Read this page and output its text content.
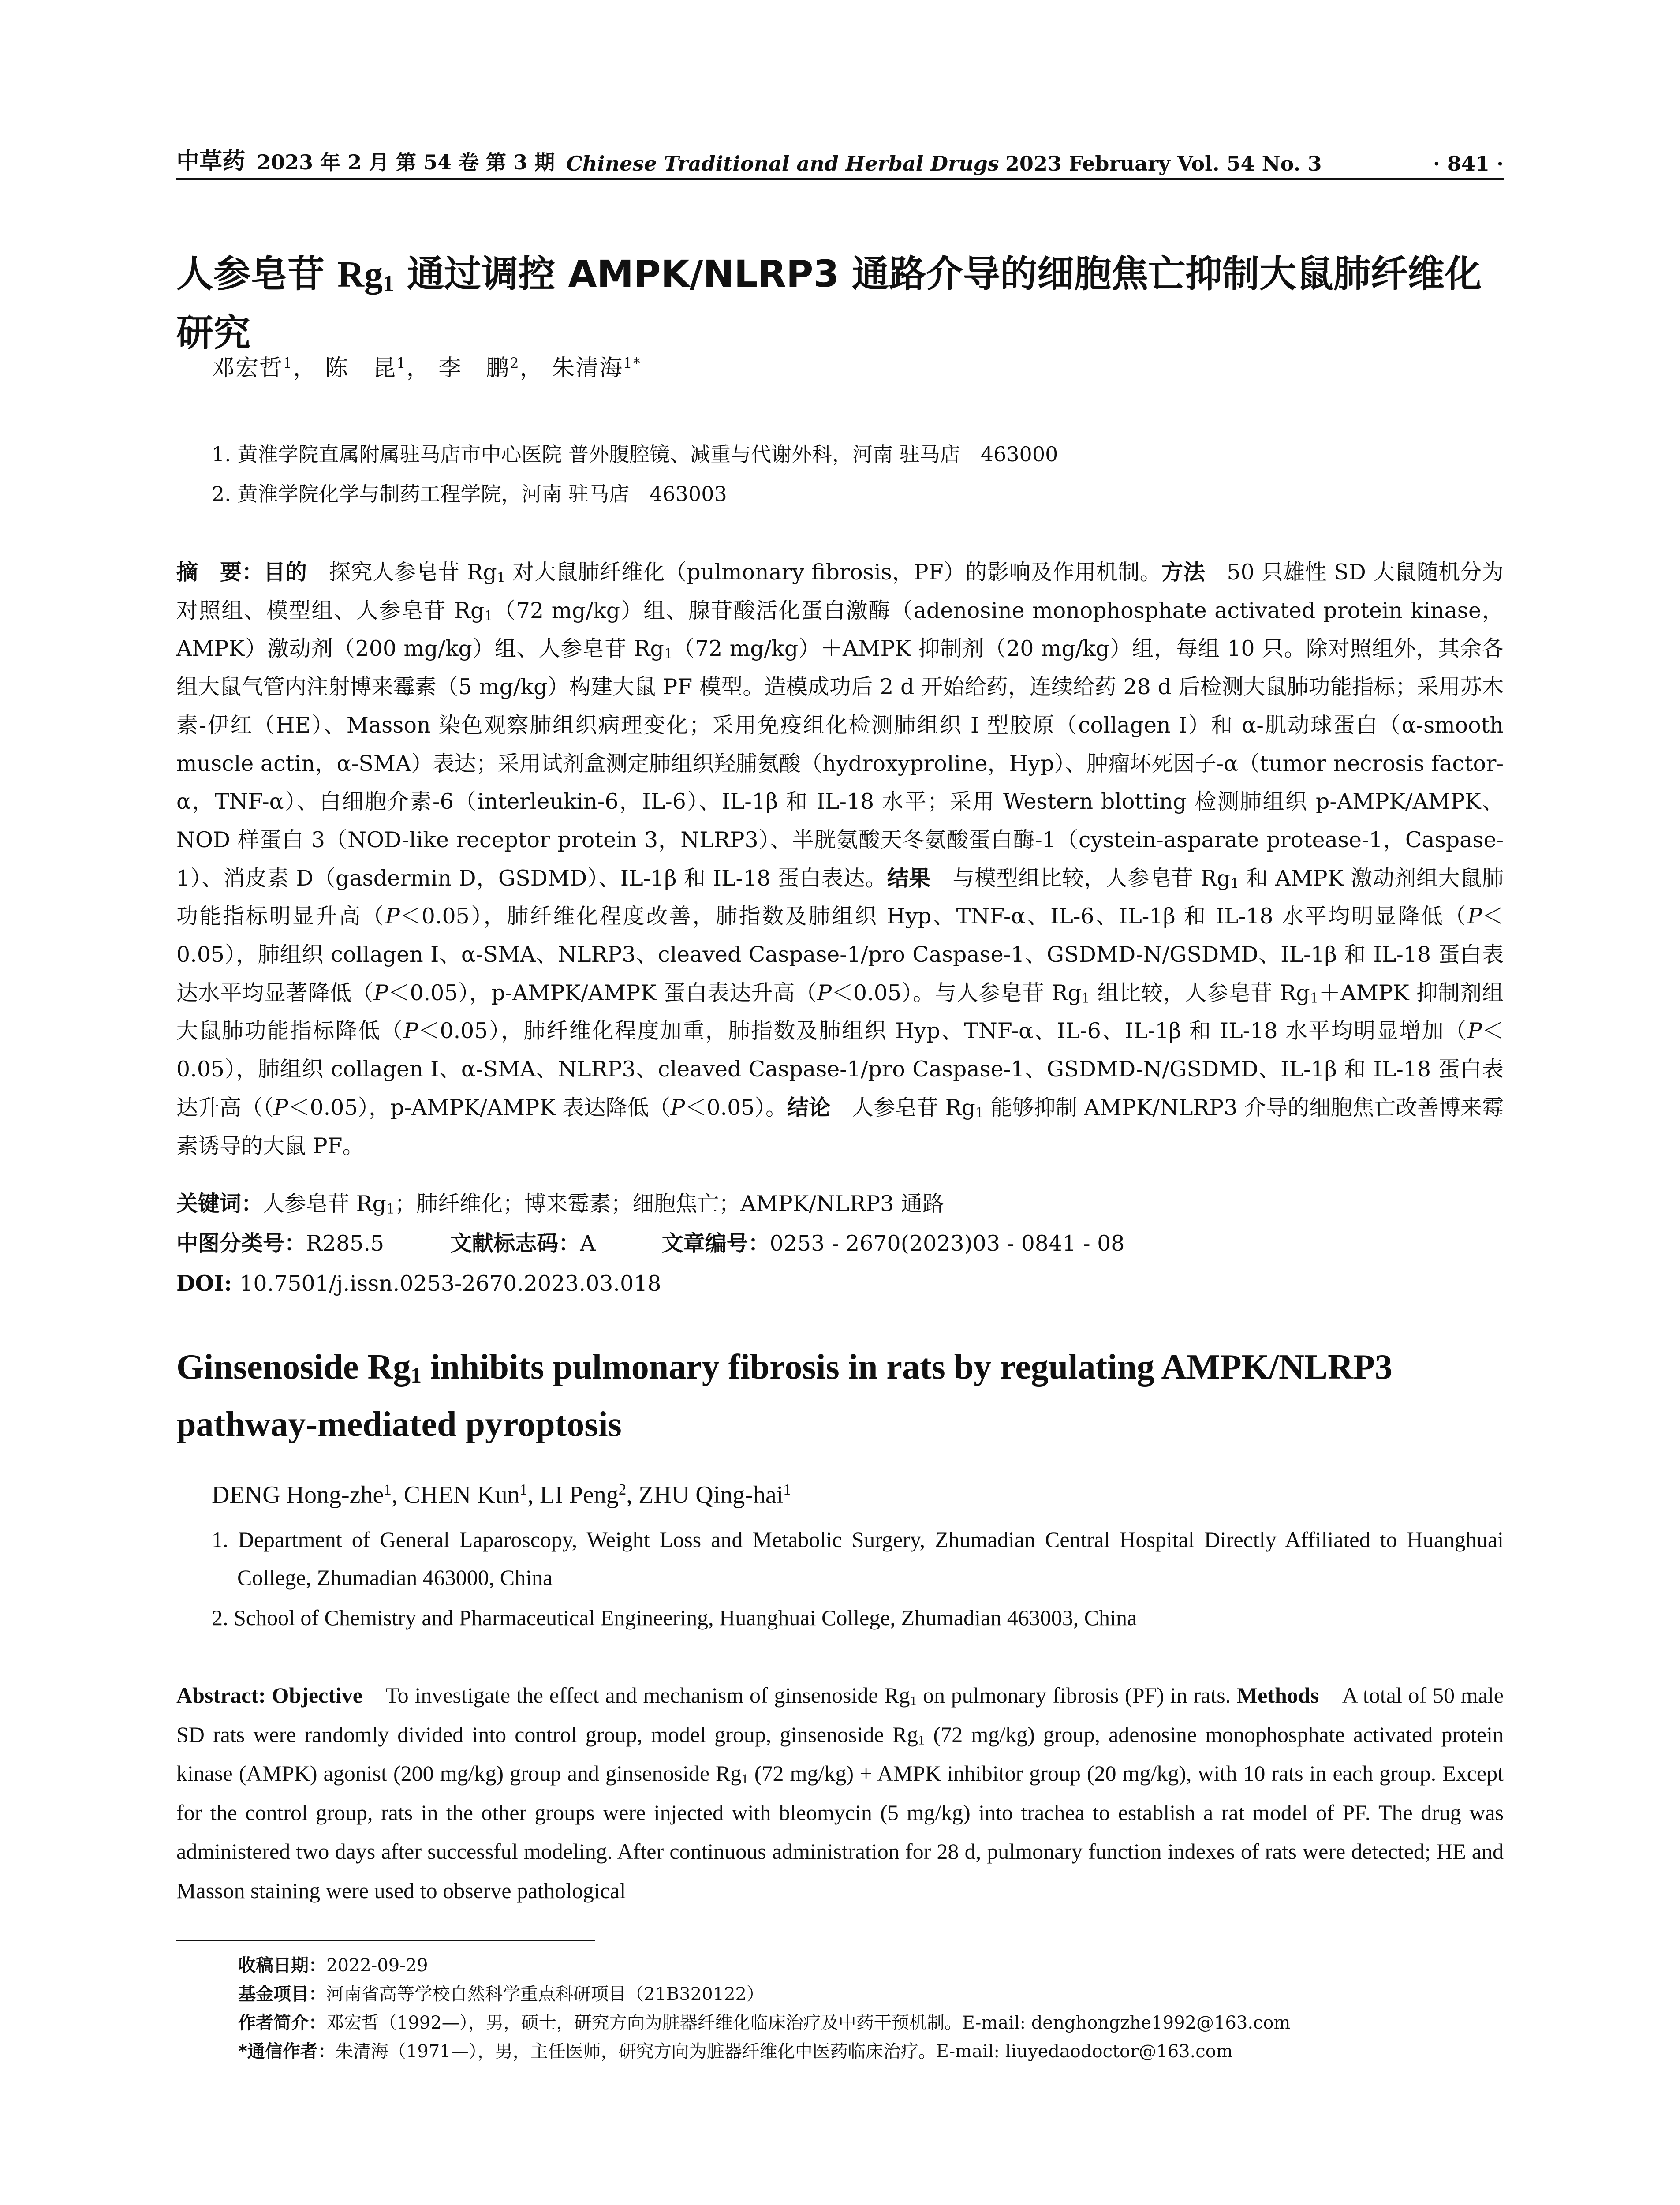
中草药 2023 年 2 月 第 54 卷 第 3 期 Chinese Traditional and Herbal Drugs 2023 February Vol. 54 No. 3	· 841 ·
人参皂苷 Rg1 通过调控 AMPK/NLRP3 通路介导的细胞焦亡抑制大鼠肺纤维化研究
邓宏哲$^1$， 陈　昆$^1$， 李　鹏$^2$， 朱清海$^{1*}$
1. 黄淮学院直属附属驻马店市中心医院 普外腹腔镜、减重与代谢外科，河南 驻马店　463000
2. 黄淮学院化学与制药工程学院，河南 驻马店　463003
摘　要：目的　探究人参皂苷 Rg1 对大鼠肺纤维化（pulmonary fibrosis，PF）的影响及作用机制。方法　50 只雄性 SD 大鼠随机分为对照组、模型组、人参皂苷 Rg1（72 mg/kg）组、腺苷酸活化蛋白激酶（adenosine monophosphate activated protein kinase，AMPK）激动剂（200 mg/kg）组、人参皂苷 Rg1（72 mg/kg）＋AMPK 抑制剂（20 mg/kg）组，每组 10 只。除对照组外，其余各组大鼠气管内注射博来霉素（5 mg/kg）构建大鼠 PF 模型。造模成功后 2 d 开始给药，连续给药 28 d 后检测大鼠肺功能指标；采用苏木素-伊红（HE）、Masson 染色观察肺组织病理变化；采用免疫组化检测肺组织 I 型胶原（collagen I）和 α-肌动球蛋白（α-smooth muscle actin，α-SMA）表达；采用试剂盒测定肺组织羟脯氨酸（hydroxyproline，Hyp）、肿瘤坏死因子-α（tumor necrosis factor-α，TNF-α）、白细胞介素-6（interleukin-6，IL-6）、IL-1β 和 IL-18 水平；采用 Western blotting 检测肺组织 p-AMPK/AMPK、NOD 样蛋白 3（NOD-like receptor protein 3，NLRP3）、半胱氨酸天冬氨酸蛋白酶-1（cystein-asparate protease-1，Caspase-1）、消皮素 D（gasdermin D，GSDMD）、IL-1β 和 IL-18 蛋白表达。结果　与模型组比较，人参皂苷 Rg1 和 AMPK 激动剂组大鼠肺功能指标明显升高（P＜0.05），肺纤维化程度改善，肺指数及肺组织 Hyp、TNF-α、IL-6、IL-1β 和 IL-18 水平均明显降低（P＜0.05），肺组织 collagen I、α-SMA、NLRP3、cleaved Caspase-1/pro Caspase-1、GSDMD-N/GSDMD、IL-1β 和 IL-18 蛋白表达水平均显著降低（P＜0.05），p-AMPK/AMPK 蛋白表达升高（P＜0.05）。与人参皂苷 Rg1 组比较，人参皂苷 Rg1＋AMPK 抑制剂组大鼠肺功能指标降低（P＜0.05），肺纤维化程度加重，肺指数及肺组织 Hyp、TNF-α、IL-6、IL-1β 和 IL-18 水平均明显增加（P＜0.05），肺组织 collagen I、α-SMA、NLRP3、cleaved Caspase-1/pro Caspase-1、GSDMD-N/GSDMD、IL-1β 和 IL-18 蛋白表达升高（（P＜0.05），p-AMPK/AMPK 表达降低（P＜0.05）。结论　人参皂苷 Rg1 能够抑制 AMPK/NLRP3 介导的细胞焦亡改善博来霉素诱导的大鼠 PF。
关键词：人参皂苷 Rg1；肺纤维化；博来霉素；细胞焦亡；AMPK/NLRP3 通路
中图分类号：R285.5	文献标志码：A	文章编号：0253 - 2670(2023)03 - 0841 - 08
DOI: 10.7501/j.issn.0253-2670.2023.03.018
Ginsenoside Rg1 inhibits pulmonary fibrosis in rats by regulating AMPK/NLRP3 pathway-mediated pyroptosis
DENG Hong-zhe$^1$, CHEN Kun$^1$, LI Peng$^2$, ZHU Qing-hai$^1$
1. Department of General Laparoscopy, Weight Loss and Metabolic Surgery, Zhumadian Central Hospital Directly Affiliated to Huanghuai College, Zhumadian 463000, China
2. School of Chemistry and Pharmaceutical Engineering, Huanghuai College, Zhumadian 463003, China
Abstract: Objective　To investigate the effect and mechanism of ginsenoside Rg1 on pulmonary fibrosis (PF) in rats. Methods　A total of 50 male SD rats were randomly divided into control group, model group, ginsenoside Rg1 (72 mg/kg) group, adenosine monophosphate activated protein kinase (AMPK) agonist (200 mg/kg) group and ginsenoside Rg1 (72 mg/kg) + AMPK inhibitor group (20 mg/kg), with 10 rats in each group. Except for the control group, rats in the other groups were injected with bleomycin (5 mg/kg) into trachea to establish a rat model of PF. The drug was administered two days after successful modeling. After continuous administration for 28 d, pulmonary function indexes of rats were detected; HE and Masson staining were used to observe pathological
收稿日期：2022-09-29
基金项目：河南省高等学校自然科学重点科研项目（21B320122）
作者简介：邓宏哲（1992—），男，硕士，研究方向为脏器纤维化临床治疗及中药干预机制。E-mail: denghongzhe1992@163.com
*通信作者：朱清海（1971—），男，主任医师，研究方向为脏器纤维化中医药临床治疗。E-mail: liuyedaodoctor@163.com
